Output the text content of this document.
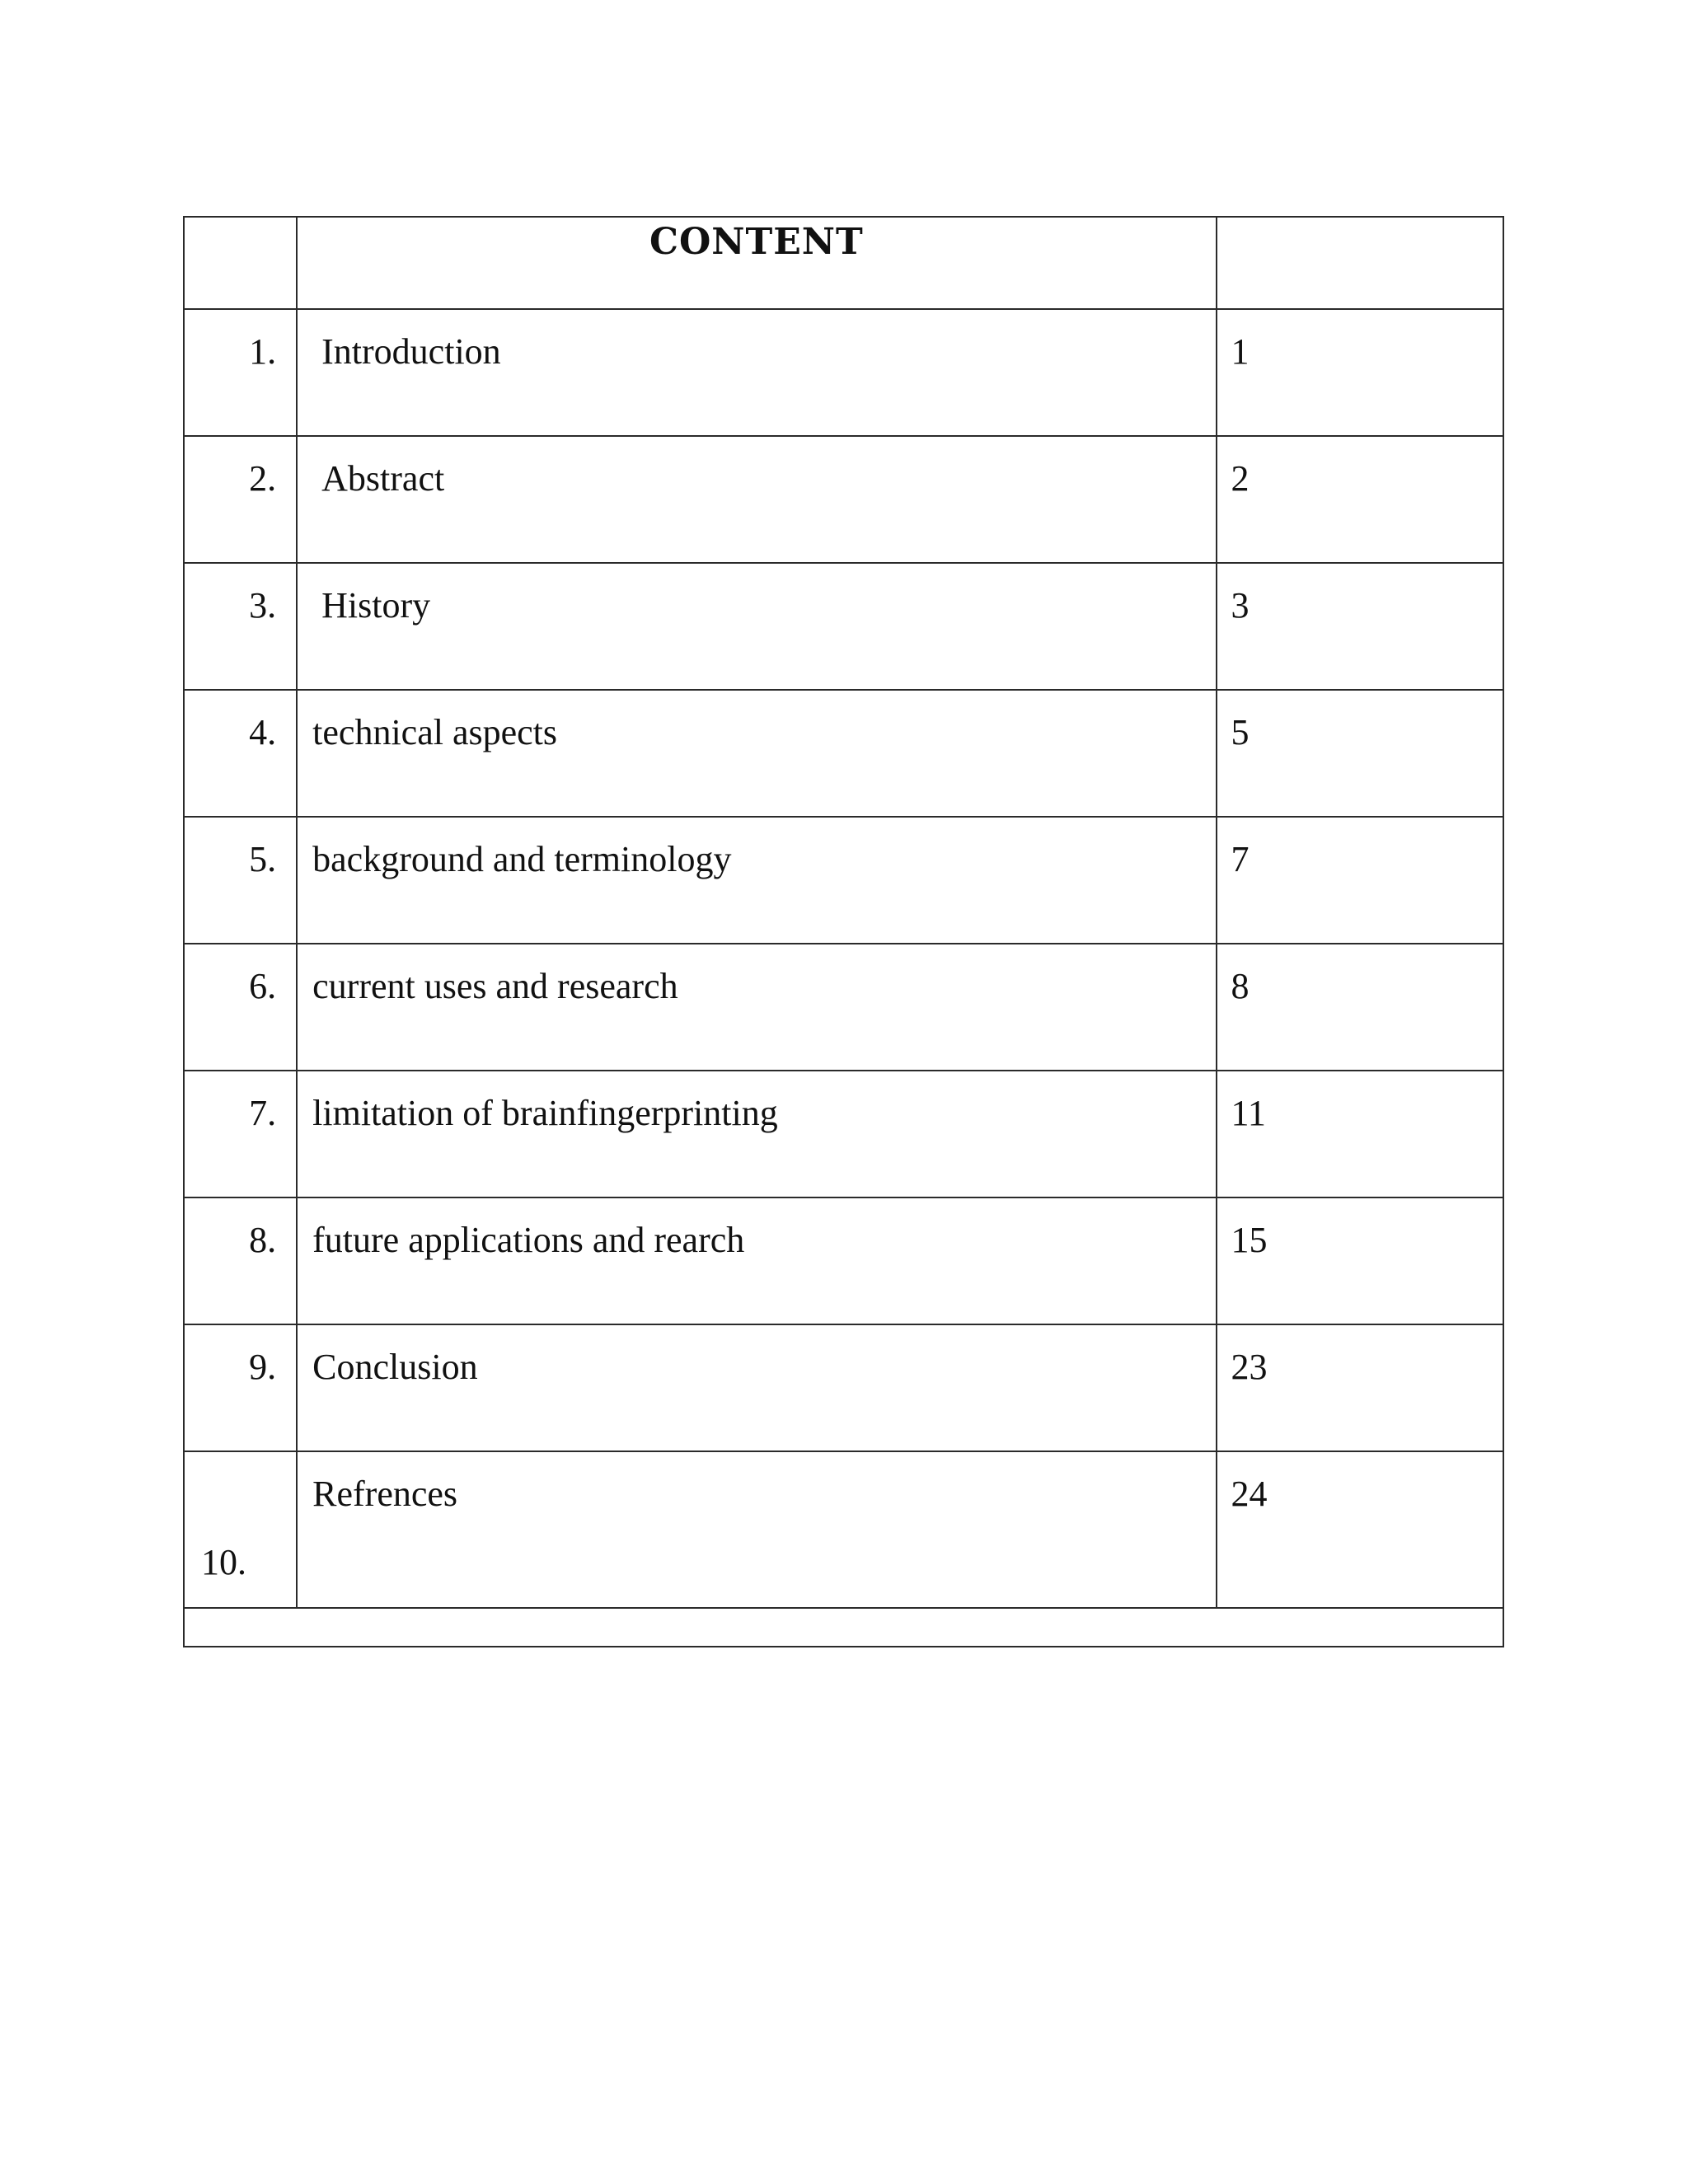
	CONTENT	
1.	Introduction	1
2.	Abstract	2
3.	History	3
4.	technical aspects	5
5.	background and terminology	7
6.	current uses and research	8
7.	limitation of brainfingerprinting	11
8.	future applications and rearch	15
9.	Conclusion	23
10.	Refrences	24
